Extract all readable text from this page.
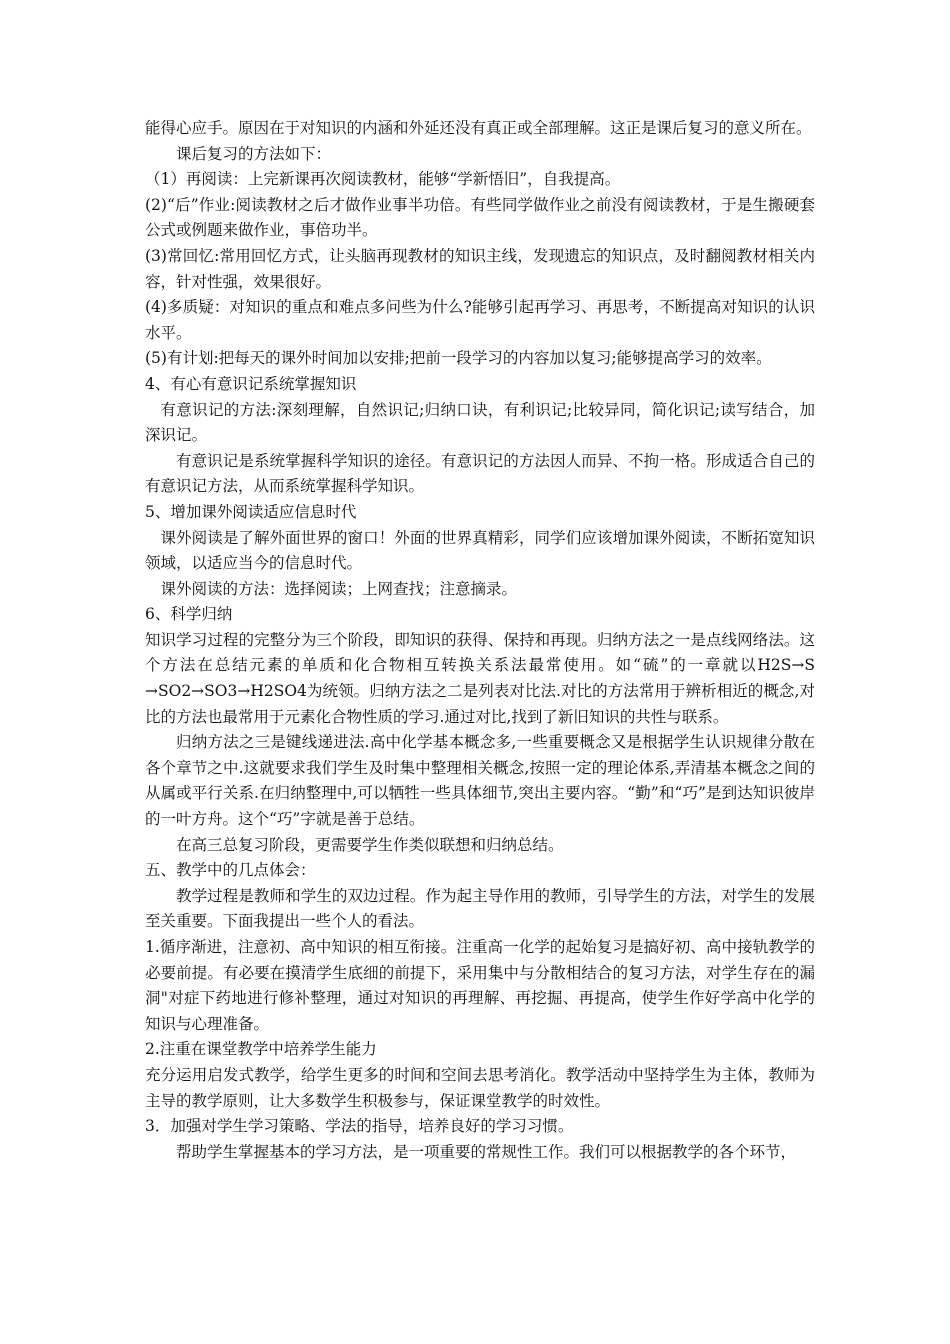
能得心应手。原因在于对知识的内涵和外延还没有真正或全部理解。这正是课后复习的意义所在。

课后复习的方法如下：

（1）再阅读：上完新课再次阅读教材，能够“学新悟旧”，自我提高。

(2)“后”作业:阅读教材之后才做作业事半功倍。有些同学做作业之前没有阅读教材，于是生搬硬套公式或例题来做作业，事倍功半。

(3)常回忆:常用回忆方式，让头脑再现教材的知识主线，发现遗忘的知识点，及时翻阅教材相关内容，针对性强，效果很好。

(4)多质疑：对知识的重点和难点多问些为什么?能够引起再学习、再思考，不断提高对知识的认识水平。

(5)有计划:把每天的课外时间加以安排;把前一段学习的内容加以复习;能够提高学习的效率。

4、有心有意识记系统掌握知识

有意识记的方法:深刻理解，自然识记;归纳口诀，有利识记;比较异同，简化识记;读写结合，加深识记。

有意识记是系统掌握科学知识的途径。有意识记的方法因人而异、不拘一格。形成适合自己的有意识记方法，从而系统掌握科学知识。

5、增加课外阅读适应信息时代

课外阅读是了解外面世界的窗口！外面的世界真精彩，同学们应该增加课外阅读，不断拓宽知识领域，以适应当今的信息时代。

课外阅读的方法：选择阅读；上网查找；注意摘录。

6、科学归纳

知识学习过程的完整分为三个阶段，即知识的获得、保持和再现。归纳方法之一是点线网络法。这个方法在总结元素的单质和化合物相互转换关系法最常使用。如“硫”的一章就以H2S→S →SO2→SO3→H2SO4为统领。归纳方法之二是列表对比法.对比的方法常用于辨析相近的概念,对比的方法也最常用于元素化合物性质的学习.通过对比,找到了新旧知识的共性与联系。

归纳方法之三是键线递进法.高中化学基本概念多,一些重要概念又是根据学生认识规律分散在各个章节之中.这就要求我们学生及时集中整理相关概念,按照一定的理论体系,弄清基本概念之间的从属或平行关系.在归纳整理中,可以牺牲一些具体细节,突出主要内容。“勤”和“巧”是到达知识彼岸的一叶方舟。这个“巧”字就是善于总结。

在高三总复习阶段，更需要学生作类似联想和归纳总结。

五、教学中的几点体会：

教学过程是教师和学生的双边过程。作为起主导作用的教师，引导学生的方法，对学生的发展至关重要。下面我提出一些个人的看法。

1.循序渐进，注意初、高中知识的相互衔接。注重高一化学的起始复习是搞好初、高中接轨教学的必要前提。有必要在摸清学生底细的前提下，采用集中与分散相结合的复习方法，对学生存在的漏洞"对症下药地进行修补整理，通过对知识的再理解、再挖掘、再提高，使学生作好学高中化学的知识与心理准备。

2.注重在课堂教学中培养学生能力

充分运用启发式教学，给学生更多的时间和空间去思考消化。教学活动中坚持学生为主体，教师为主导的教学原则，让大多数学生积极参与，保证课堂教学的时效性。

3．加强对学生学习策略、学法的指导，培养良好的学习习惯。

帮助学生掌握基本的学习方法，是一项重要的常规性工作。我们可以根据教学的各个环节，
